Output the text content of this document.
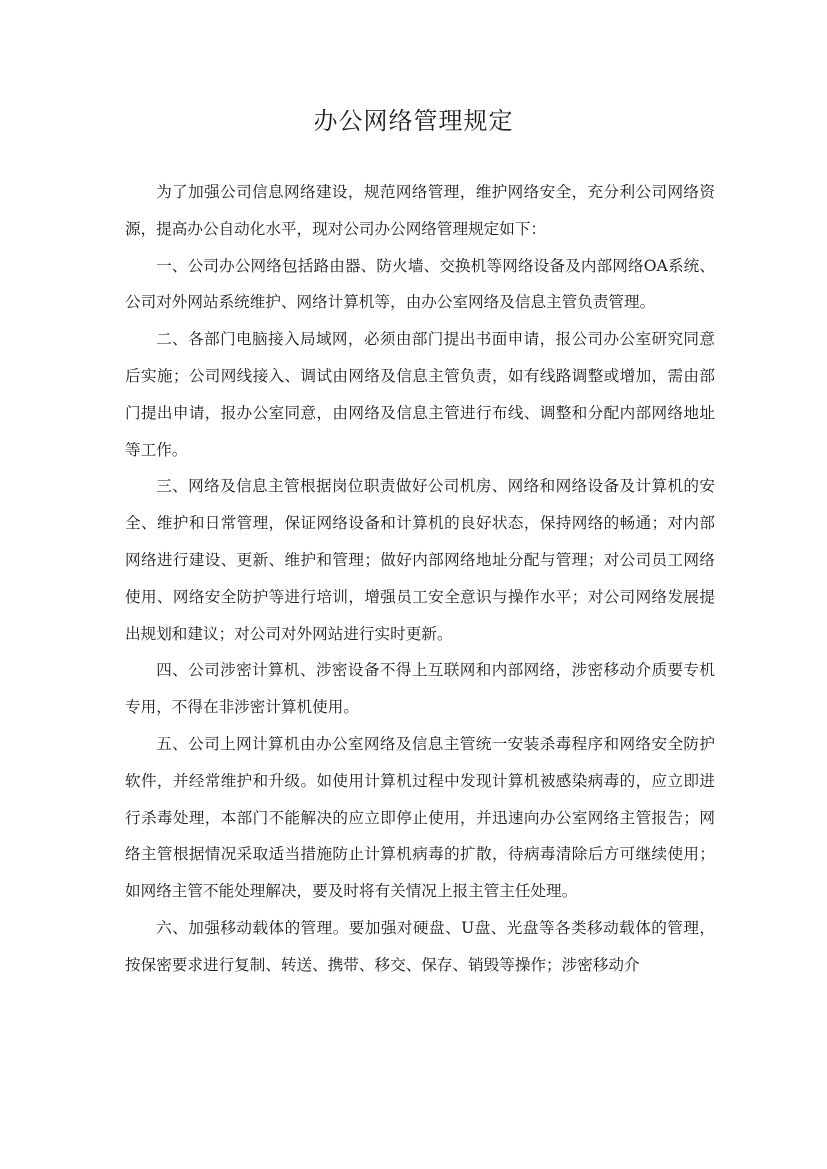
办公网络管理规定

为了加强公司信息网络建设，规范网络管理，维护网络安全，充分利公司网络资源，提高办公自动化水平，现对公司办公网络管理规定如下：

一、公司办公网络包括路由器、防火墙、交换机等网络设备及内部网络OA系统、公司对外网站系统维护、网络计算机等，由办公室网络及信息主管负责管理。

二、各部门电脑接入局域网，必须由部门提出书面申请，报公司办公室研究同意后实施；公司网线接入、调试由网络及信息主管负责，如有线路调整或增加，需由部门提出申请，报办公室同意，由网络及信息主管进行布线、调整和分配内部网络地址等工作。

三、网络及信息主管根据岗位职责做好公司机房、网络和网络设备及计算机的安全、维护和日常管理，保证网络设备和计算机的良好状态，保持网络的畅通；对内部网络进行建设、更新、维护和管理；做好内部网络地址分配与管理；对公司员工网络使用、网络安全防护等进行培训，增强员工安全意识与操作水平；对公司网络发展提出规划和建议；对公司对外网站进行实时更新。

四、公司涉密计算机、涉密设备不得上互联网和内部网络，涉密移动介质要专机专用，不得在非涉密计算机使用。

五、公司上网计算机由办公室网络及信息主管统一安装杀毒程序和网络安全防护软件，并经常维护和升级。如使用计算机过程中发现计算机被感染病毒的，应立即进行杀毒处理，本部门不能解决的应立即停止使用，并迅速向办公室网络主管报告；网络主管根据情况采取适当措施防止计算机病毒的扩散，待病毒清除后方可继续使用；如网络主管不能处理解决，要及时将有关情况上报主管主任处理。

六、加强移动载体的管理。要加强对硬盘、U盘、光盘等各类移动载体的管理，按保密要求进行复制、转送、携带、移交、保存、销毁等操作；涉密移动介
